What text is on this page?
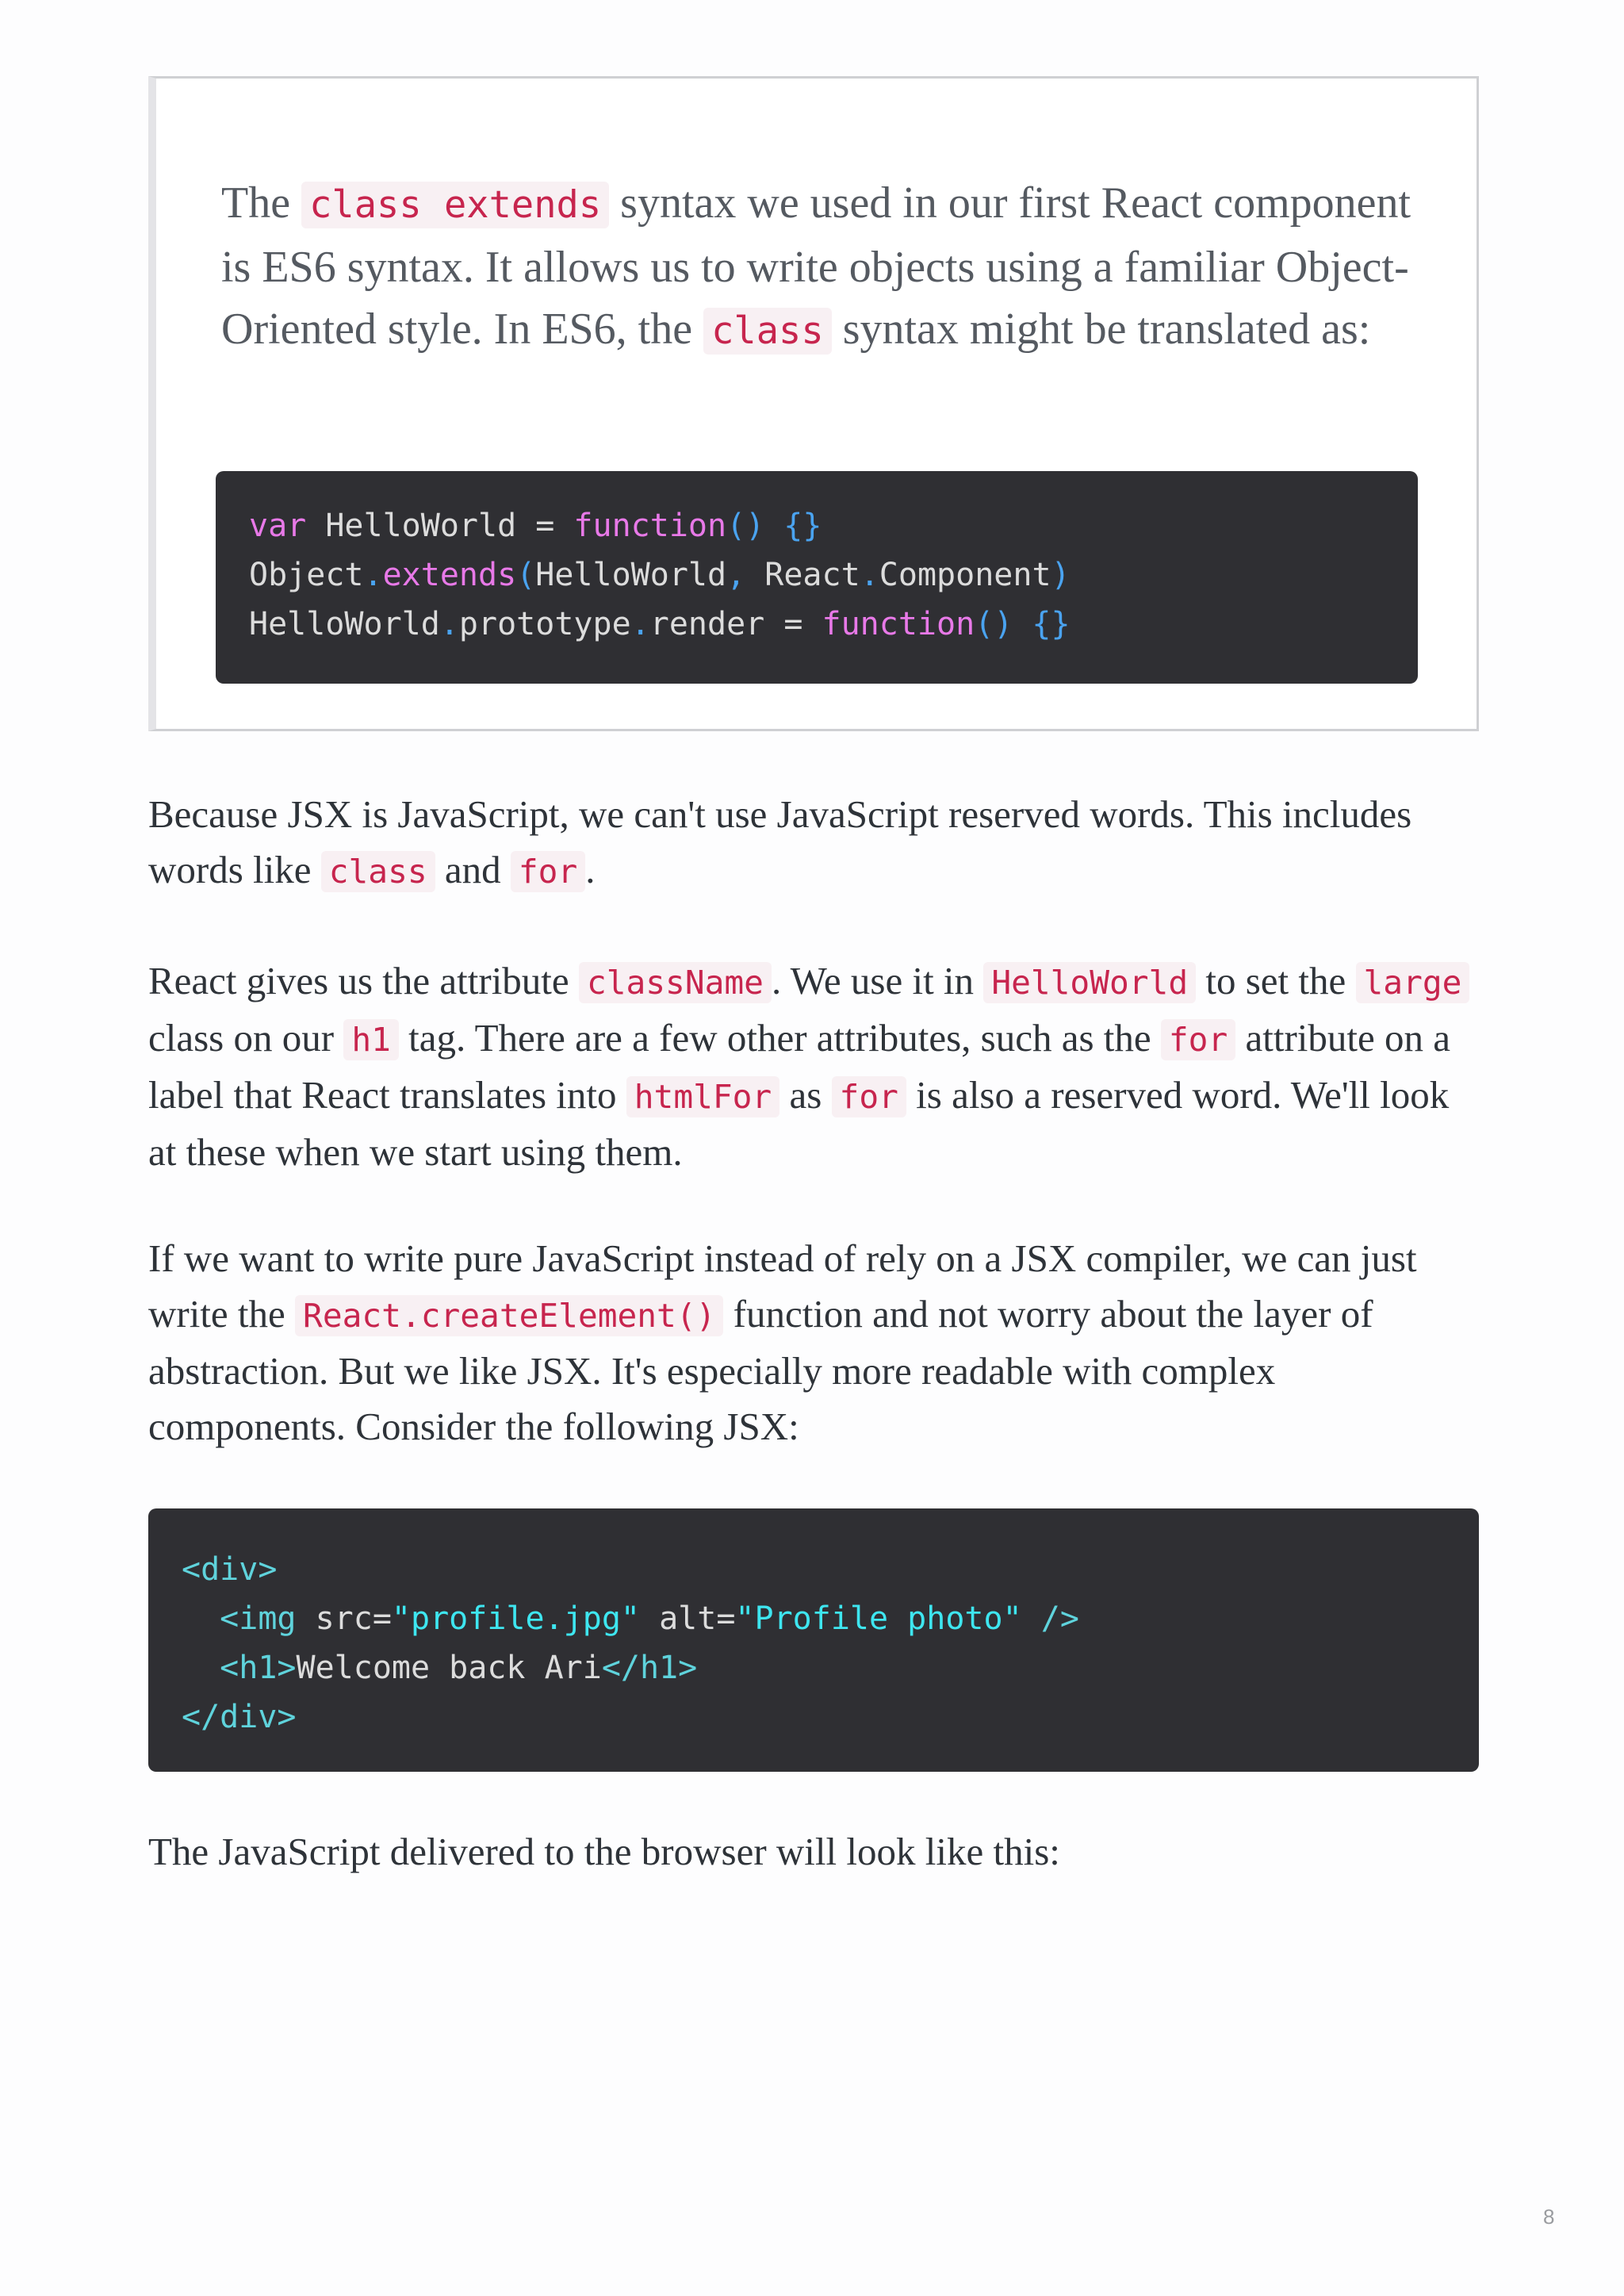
The class extends syntax we used in our first React component is ES6 syntax. It allows us to write objects using a familiar Object-Oriented style. In ES6, the class syntax might be translated as:

var HelloWorld = function() {}
Object.extends(HelloWorld, React.Component)
HelloWorld.prototype.render = function() {}

Because JSX is JavaScript, we can't use JavaScript reserved words. This includes words like class and for .

React gives us the attribute className . We use it in HelloWorld to set the large class on our h1 tag. There are a few other attributes, such as the for attribute on a label that React translates into htmlFor as for is also a reserved word. We'll look at these when we start using them.

If we want to write pure JavaScript instead of rely on a JSX compiler, we can just write the React.createElement() function and not worry about the layer of abstraction. But we like JSX. It's especially more readable with complex components. Consider the following JSX:

<div>
<img src="profile.jpg" alt="Profile photo" />
<h1>Welcome back Ari</h1>
</div>

The JavaScript delivered to the browser will look like this:

8
